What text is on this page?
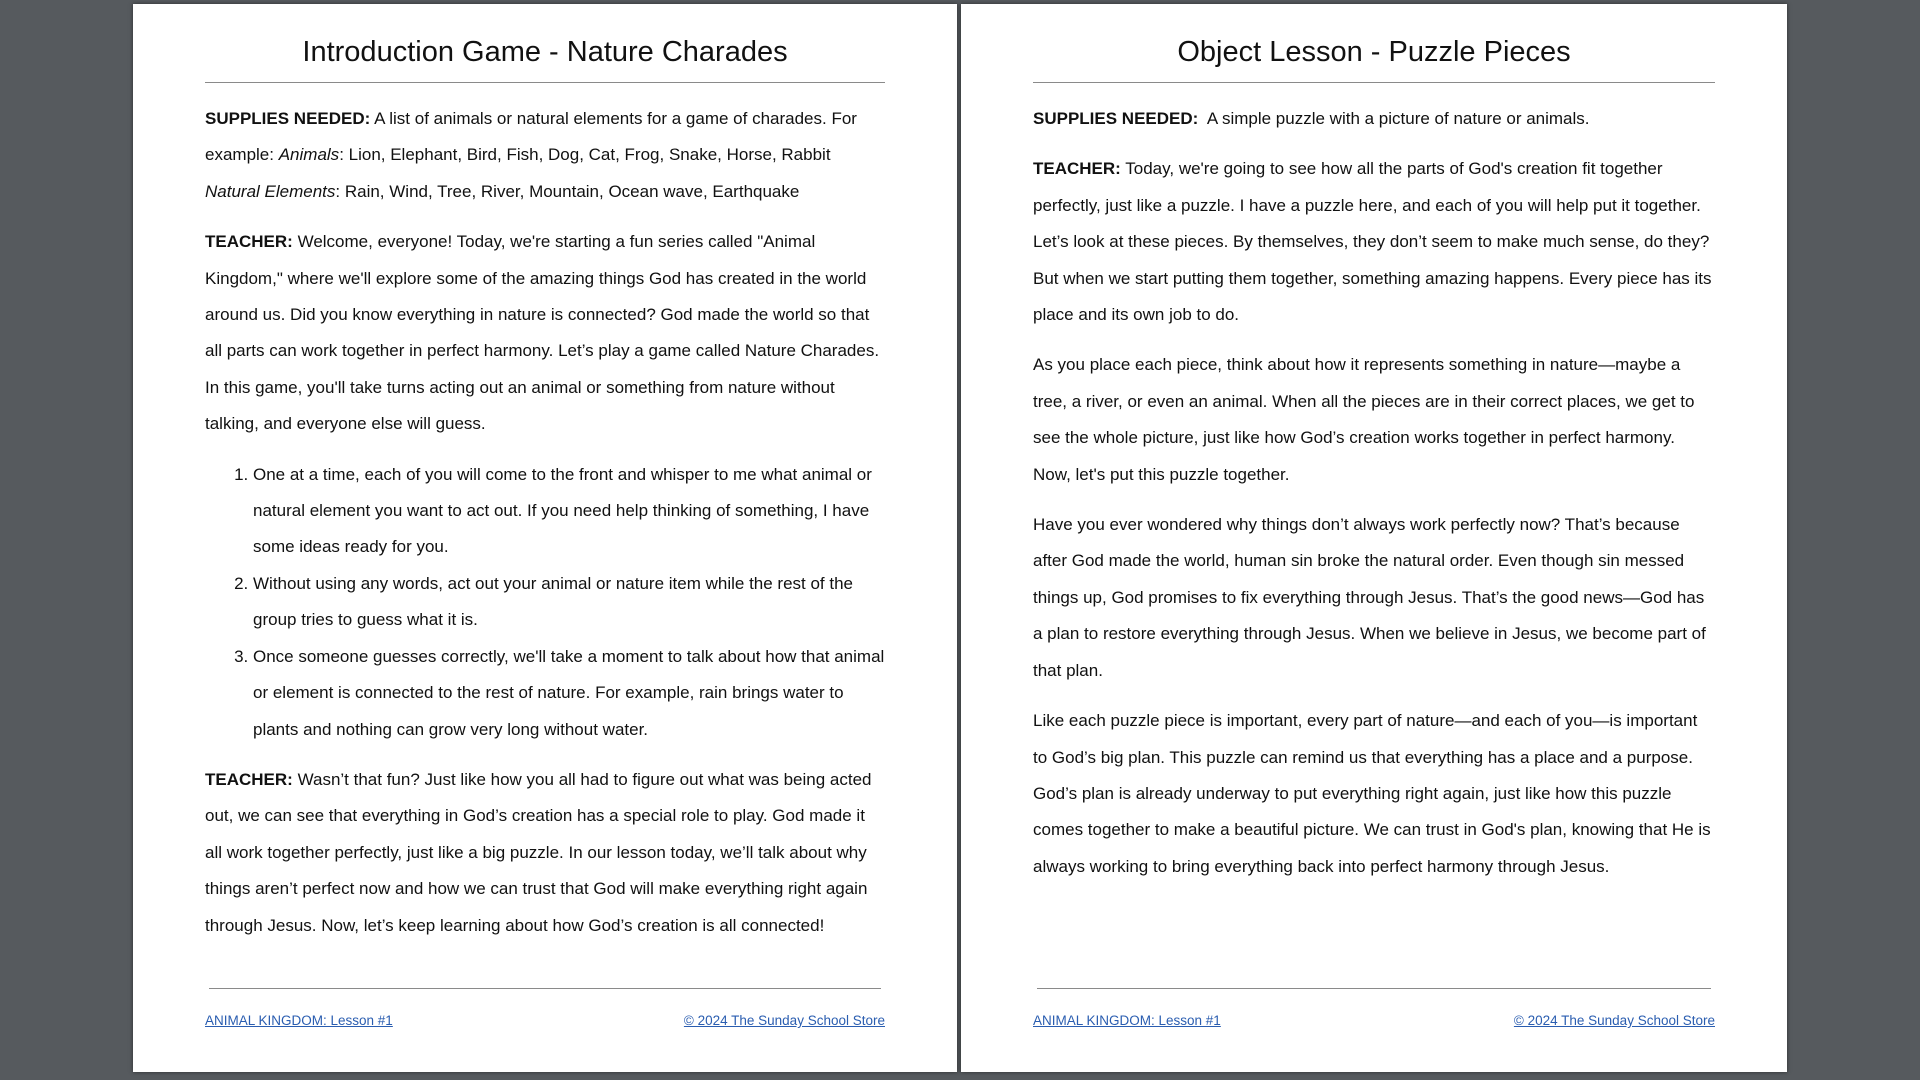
Introduction Game - Nature Charades

SUPPLIES NEEDED: A list of animals or natural elements for a game of charades. For example: Animals: Lion, Elephant, Bird, Fish, Dog, Cat, Frog, Snake, Horse, Rabbit
Natural Elements: Rain, Wind, Tree, River, Mountain, Ocean wave, Earthquake

TEACHER: Welcome, everyone! Today, we're starting a fun series called "Animal Kingdom," where we'll explore some of the amazing things God has created in the world around us. Did you know everything in nature is connected? God made the world so that all parts can work together in perfect harmony. Let’s play a game called Nature Charades. In this game, you'll take turns acting out an animal or something from nature without talking, and everyone else will guess.

1. One at a time, each of you will come to the front and whisper to me what animal or natural element you want to act out. If you need help thinking of something, I have some ideas ready for you.
2. Without using any words, act out your animal or nature item while the rest of the group tries to guess what it is.
3. Once someone guesses correctly, we'll take a moment to talk about how that animal or element is connected to the rest of nature. For example, rain brings water to plants and nothing can grow very long without water.

TEACHER: Wasn’t that fun? Just like how you all had to figure out what was being acted out, we can see that everything in God’s creation has a special role to play. God made it all work together perfectly, just like a big puzzle. In our lesson today, we’ll talk about why things aren’t perfect now and how we can trust that God will make everything right again through Jesus. Now, let’s keep learning about how God’s creation is all connected!

ANIMAL KINGDOM: Lesson #1	© 2024 The Sunday School Store
Object Lesson - Puzzle Pieces

SUPPLIES NEEDED: A simple puzzle with a picture of nature or animals.

TEACHER: Today, we're going to see how all the parts of God's creation fit together perfectly, just like a puzzle. I have a puzzle here, and each of you will help put it together. Let’s look at these pieces. By themselves, they don’t seem to make much sense, do they? But when we start putting them together, something amazing happens. Every piece has its place and its own job to do.

As you place each piece, think about how it represents something in nature—maybe a tree, a river, or even an animal. When all the pieces are in their correct places, we get to see the whole picture, just like how God’s creation works together in perfect harmony. Now, let's put this puzzle together.

Have you ever wondered why things don’t always work perfectly now? That’s because after God made the world, human sin broke the natural order. Even though sin messed things up, God promises to fix everything through Jesus. That’s the good news—God has a plan to restore everything through Jesus. When we believe in Jesus, we become part of that plan.

Like each puzzle piece is important, every part of nature—and each of you—is important to God’s big plan. This puzzle can remind us that everything has a place and a purpose. God’s plan is already underway to put everything right again, just like how this puzzle comes together to make a beautiful picture. We can trust in God's plan, knowing that He is always working to bring everything back into perfect harmony through Jesus.

ANIMAL KINGDOM: Lesson #1	© 2024 The Sunday School Store
